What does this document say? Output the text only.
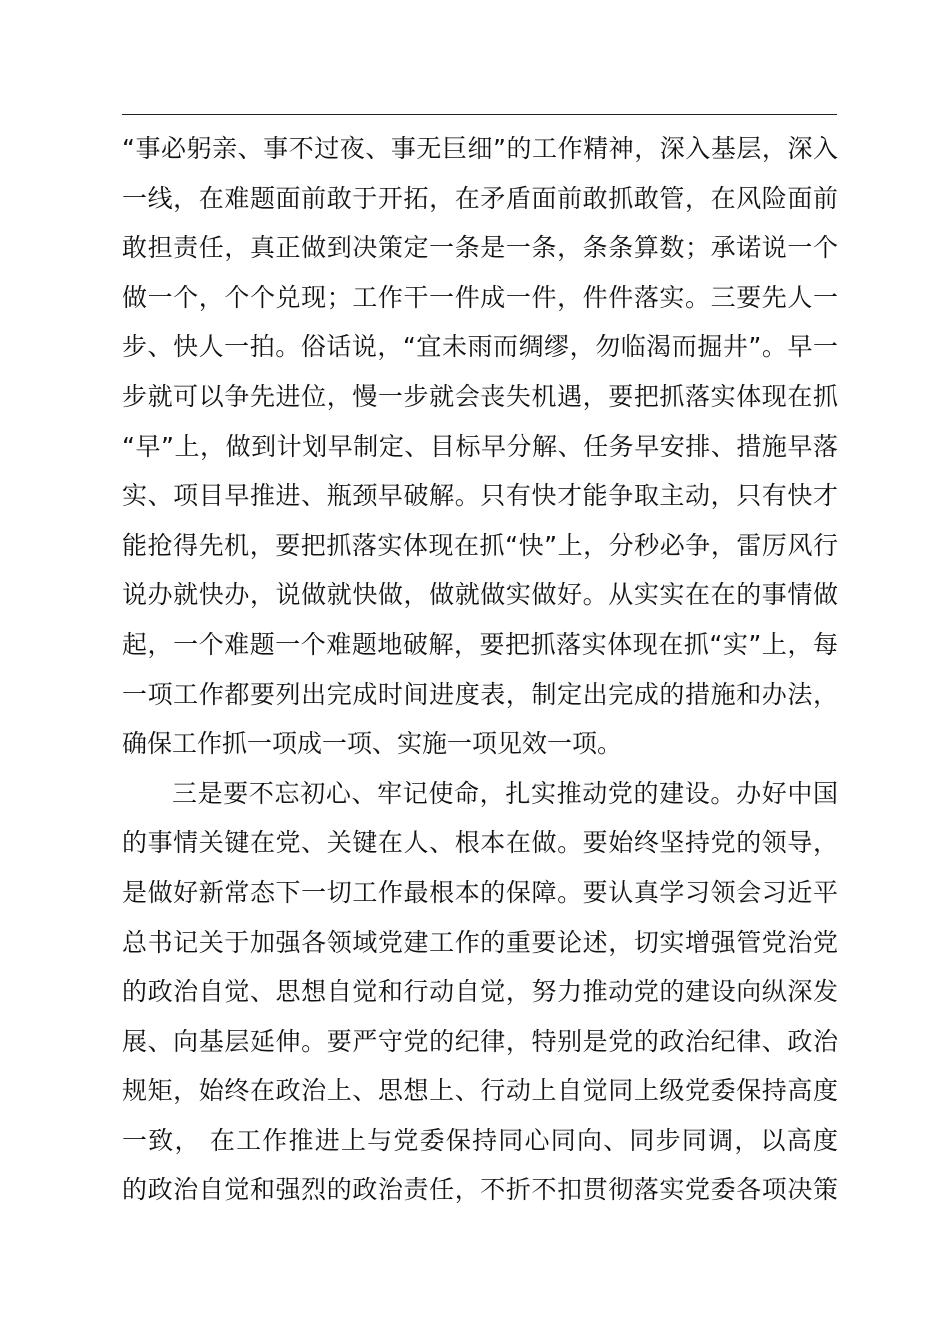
“事必躬亲、事不过夜、事无巨细”的工作精神，深入基层，深入
一线，在难题面前敢于开拓，在矛盾面前敢抓敢管，在风险面前
敢担责任，真正做到决策定一条是一条，条条算数；承诺说一个
做一个，个个兑现；工作干一件成一件，件件落实。三要先人一
步、快人一拍。俗话说，“宜未雨而绸缪，勿临渴而掘井”。早一
步就可以争先进位，慢一步就会丧失机遇，要把抓落实体现在抓
“早”上，做到计划早制定、目标早分解、任务早安排、措施早落
实、项目早推进、瓶颈早破解。只有快才能争取主动，只有快才
能抢得先机，要把抓落实体现在抓“快”上，分秒必争，雷厉风行
说办就快办，说做就快做，做就做实做好。从实实在在的事情做
起，一个难题一个难题地破解，要把抓落实体现在抓“实”上，每
一项工作都要列出完成时间进度表，制定出完成的措施和办法，
确保工作抓一项成一项、实施一项见效一项。
三是要不忘初心、牢记使命，扎实推动党的建设。办好中国
的事情关键在党、关键在人、根本在做。要始终坚持党的领导，
是做好新常态下一切工作最根本的保障。要认真学习领会习近平
总书记关于加强各领域党建工作的重要论述，切实增强管党治党
的政治自觉、思想自觉和行动自觉，努力推动党的建设向纵深发
展、向基层延伸。要严守党的纪律，特别是党的政治纪律、政治
规矩，始终在政治上、思想上、行动上自觉同上级党委保持高度
一致， 在工作推进上与党委保持同心同向、同步同调，以高度
的政治自觉和强烈的政治责任，不折不扣贯彻落实党委各项决策
